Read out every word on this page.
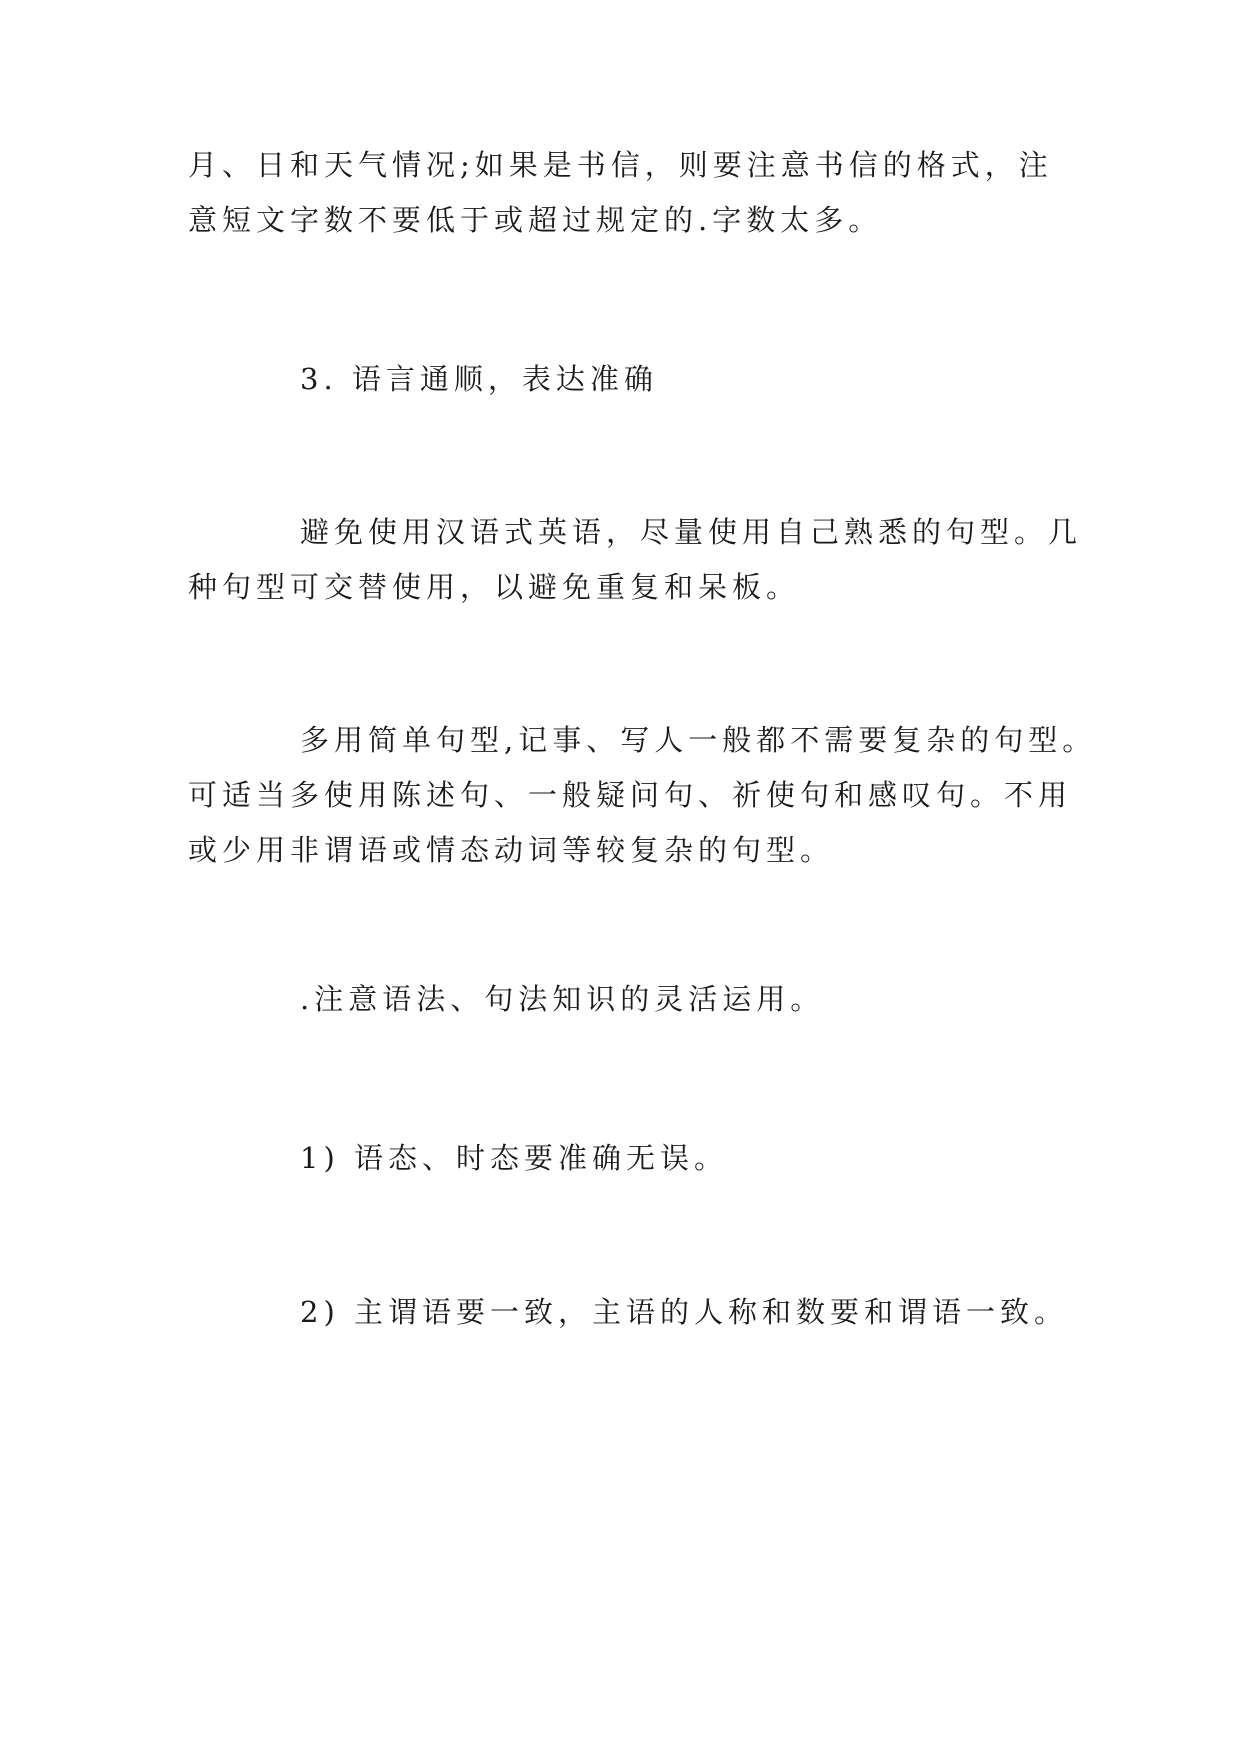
月、日和天气情况;如果是书信，则要注意书信的格式，注
意短文字数不要低于或超过规定的.字数太多。

3. 语言通顺，表达准确

避免使用汉语式英语，尽量使用自己熟悉的句型。几
种句型可交替使用，以避免重复和呆板。

多用简单句型,记事、写人一般都不需要复杂的句型。
可适当多使用陈述句、一般疑问句、祈使句和感叹句。不用
或少用非谓语或情态动词等较复杂的句型。

.注意语法、句法知识的灵活运用。

1) 语态、时态要准确无误。

2) 主谓语要一致，主语的人称和数要和谓语一致。
